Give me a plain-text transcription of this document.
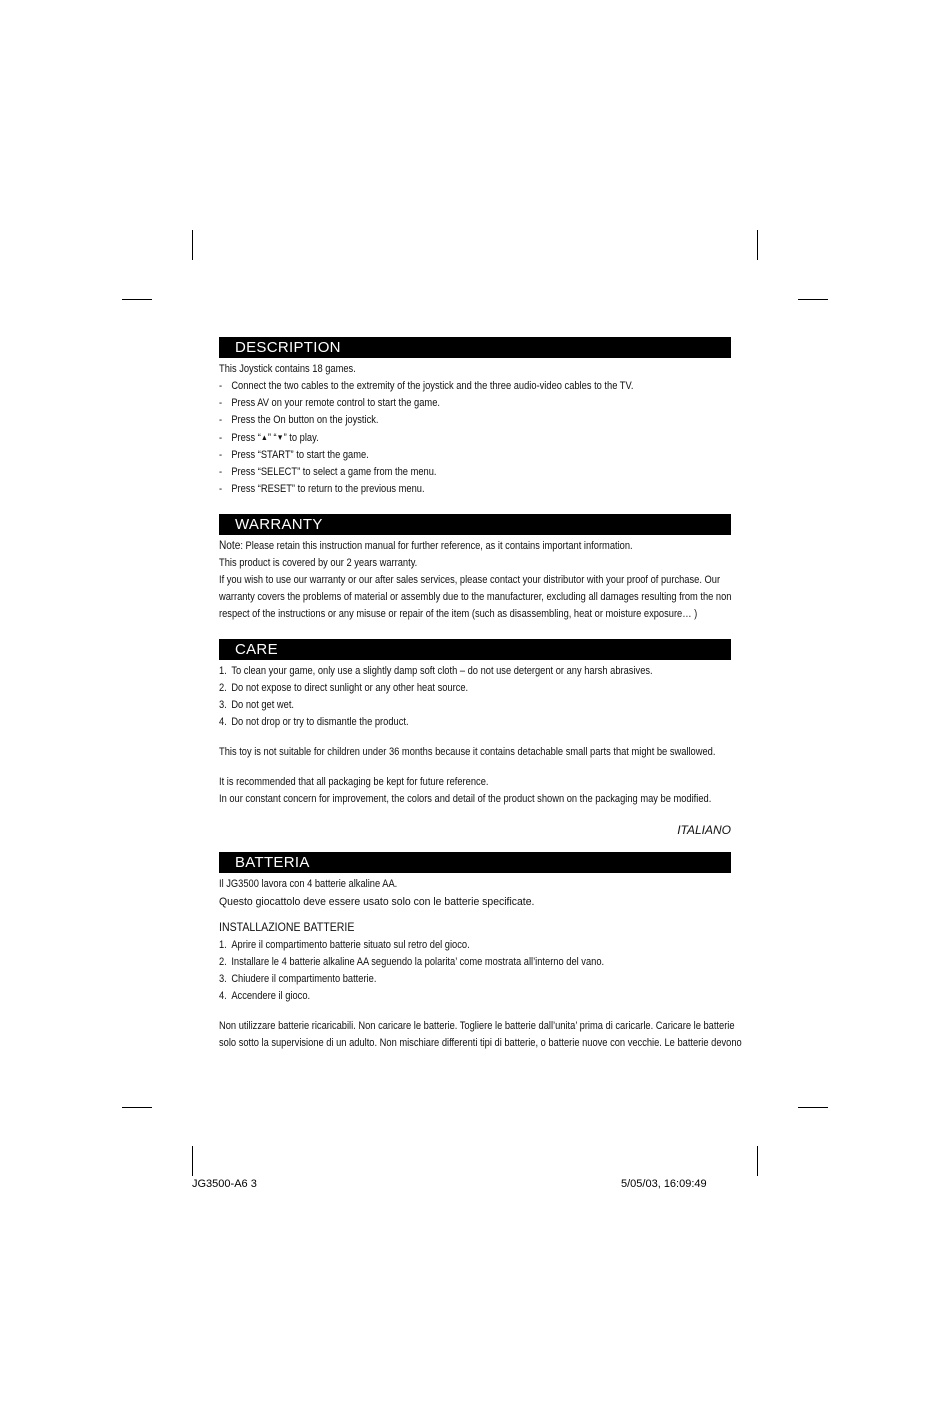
DESCRIPTION
This Joystick contains 18 games.
- Connect the two cables to the extremity of the joystick and the three audio-video cables to the TV.
- Press AV on your remote control to start the game.
- Press the On button on the joystick.
- Press “▲” “▼” to play.
- Press “START” to start the game.
- Press “SELECT” to select a game from the menu.
- Press “RESET” to return to the previous menu.
WARRANTY
Note: Please retain this instruction manual for further reference, as it contains important information.
This product is covered by our 2 years warranty.
If you wish to use our warranty or our after sales services, please contact your distributor with your proof of purchase. Our
warranty covers the problems of material or assembly due to the manufacturer, excluding all damages resulting from the non
respect of the instructions or any misuse or repair of the item (such as disassembling, heat or moisture exposure… )
CARE
1. To clean your game, only use a slightly damp soft cloth – do not use detergent or any harsh abrasives.
2. Do not expose to direct sunlight or any other heat source.
3. Do not get wet.
4. Do not drop or try to dismantle the product.
This toy is not suitable for children under 36 months because it contains detachable small parts that might be swallowed.
It is recommended that all packaging be kept for future reference.
In our constant concern for improvement, the colors and detail of the product shown on the packaging may be modified.
ITALIANO
BATTERIA
Il JG3500 lavora con 4 batterie alkaline AA.
Questo giocattolo deve essere usato solo con le batterie specificate.
INSTALLAZIONE BATTERIE
1. Aprire il compartimento batterie situato sul retro del gioco.
2. Installare le 4 batterie alkaline AA seguendo la polarita’ come mostrata all’interno del vano.
3. Chiudere il compartimento batterie.
4. Accendere il gioco.
Non utilizzare batterie ricaricabili. Non caricare le batterie. Togliere le batterie dall’unita’ prima di caricarle. Caricare le batterie
solo sotto la supervisione di un adulto. Non mischiare differenti tipi di batterie, o batterie nuove con vecchie. Le batterie devono
JG3500-A6 3	5/05/03, 16:09:49
